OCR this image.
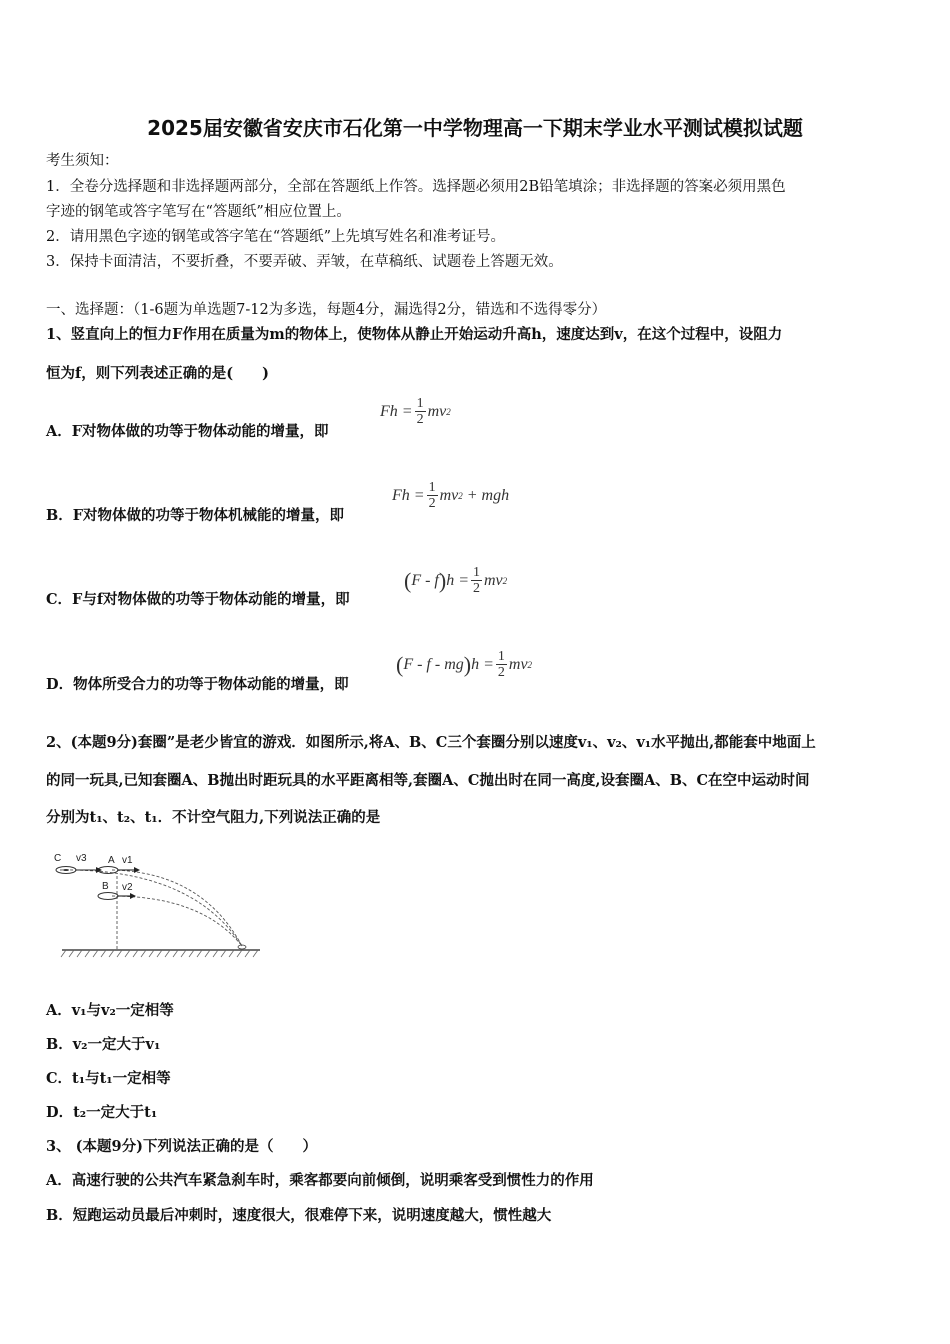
2025届安徽省安庆市石化第一中学物理高一下期末学业水平测试模拟试题
考生须知：
1．全卷分选择题和非选择题两部分，全部在答题纸上作答。选择题必须用2B铅笔填涂；非选择题的答案必须用黑色
字迹的钢笔或答字笔写在“答题纸”相应位置上。
2．请用黑色字迹的钢笔或答字笔在“答题纸”上先填写姓名和准考证号。
3．保持卡面清洁，不要折叠，不要弄破、弄皱，在草稿纸、试题卷上答题无效。
一、选择题：（1-6题为单选题7-12为多选，每题4分，漏选得2分，错选和不选得零分）
1、竖直向上的恒力F作用在质量为m的物体上，使物体从静止开始运动升高h，速度达到v，在这个过程中，设阻力
恒为f，则下列表述正确的是(　　)
A．F对物体做的功等于物体动能的增量，即
$Fh = \frac{1}{2}$ mv 2
B．F对物体做的功等于物体机械能的增量，即
$Fh = \frac{1}{2}$ mv 2 + mgh
C．F与f对物体做的功等于物体动能的增量，即
( F - f ) $h = \frac{1}{2}$ mv 2
D．物体所受合力的功等于物体动能的增量，即
( F - f - mg ) $h = \frac{1}{2}$ mv 2
2、(本题9分)套圈”是老少皆宜的游戏．如图所示,将A、B、C三个套圈分别以速度v₁、v₂、v₁水平抛出,都能套中地面上
的同一玩具,已知套圈A、B抛出时距玩具的水平距离相等,套圈A、C抛出时在同一高度,设套圈A、B、C在空中运动时间
分别为t₁、t₂、t₁．不计空气阻力,下列说法正确的是
C v3 A v1
B v2
A．v₁与v₂一定相等
B．v₂一定大于v₁
C．t₁与t₁一定相等
D．t₂一定大于t₁
3、 (本题9分)下列说法正确的是（　　）
A．高速行驶的公共汽车紧急刹车时，乘客都要向前倾倒，说明乘客受到惯性力的作用
B．短跑运动员最后冲刺时，速度很大，很难停下来，说明速度越大，惯性越大
